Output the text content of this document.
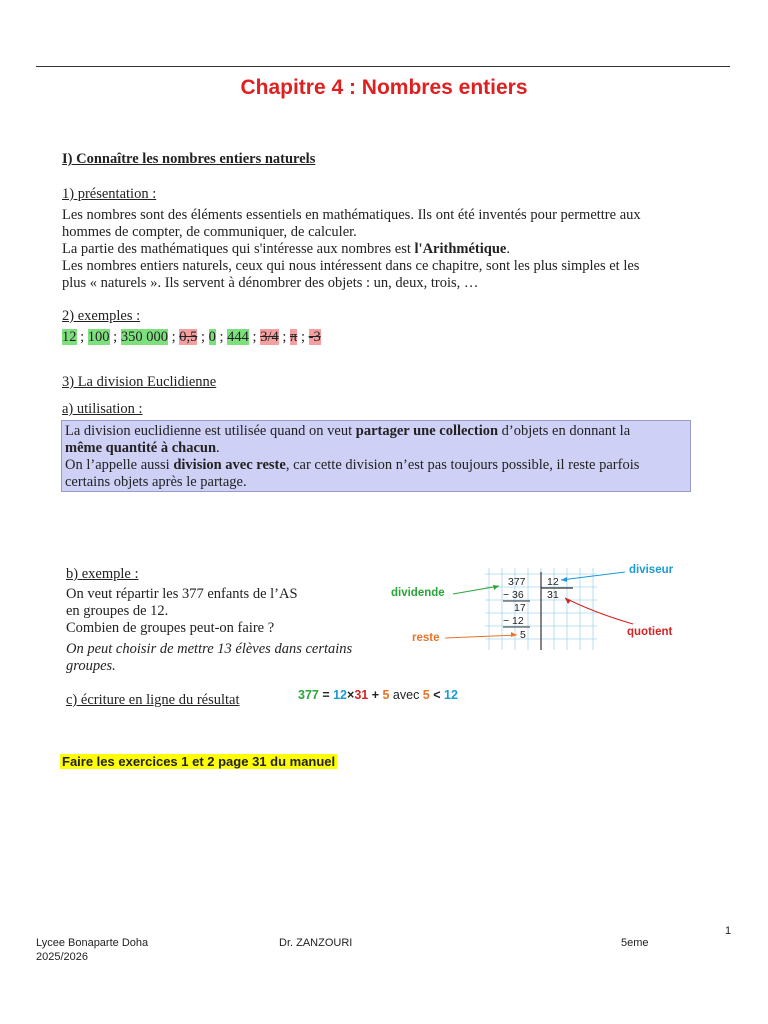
Chapitre 4 : Nombres entiers
I) Connaître les nombres entiers naturels
1) présentation :
Les nombres sont des éléments essentiels en mathématiques. Ils ont été inventés pour permettre aux
hommes de compter, de communiquer, de calculer.
La partie des mathématiques qui s'intéresse aux nombres est l'Arithmétique.
Les nombres entiers naturels, ceux qui nous intéressent dans ce chapitre, sont les plus simples et les
plus « naturels ». Ils servent à dénombrer des objets : un, deux, trois, …
2) exemples :
12 ; 100 ; 350 000 ; 0,5 ; 0 ; 444 ; 3/4 ; π ; -3
3) La division Euclidienne
a) utilisation :
La division euclidienne est utilisée quand on veut partager une collection d’objets en donnant la
même quantité à chacun.
On l’appelle aussi division avec reste, car cette division n’est pas toujours possible, il reste parfois
certains objets après le partage.
b) exemple :
On veut répartir les 377 enfants de l’AS
en groupes de 12.
Combien de groupes peut-on faire ?
On peut choisir de mettre 13 élèves dans certains
groupes.
377 12
− 36 31
17
− 12
5
dividende
diviseur
reste	quotient
c) écriture en ligne du résultat	377 = 12×31 + 5 avec 5 < 12
Faire les exercices 1 et 2 page 31 du manuel
1
Lycee Bonaparte Doha
2025/2026
Dr. ZANZOURI	5eme
